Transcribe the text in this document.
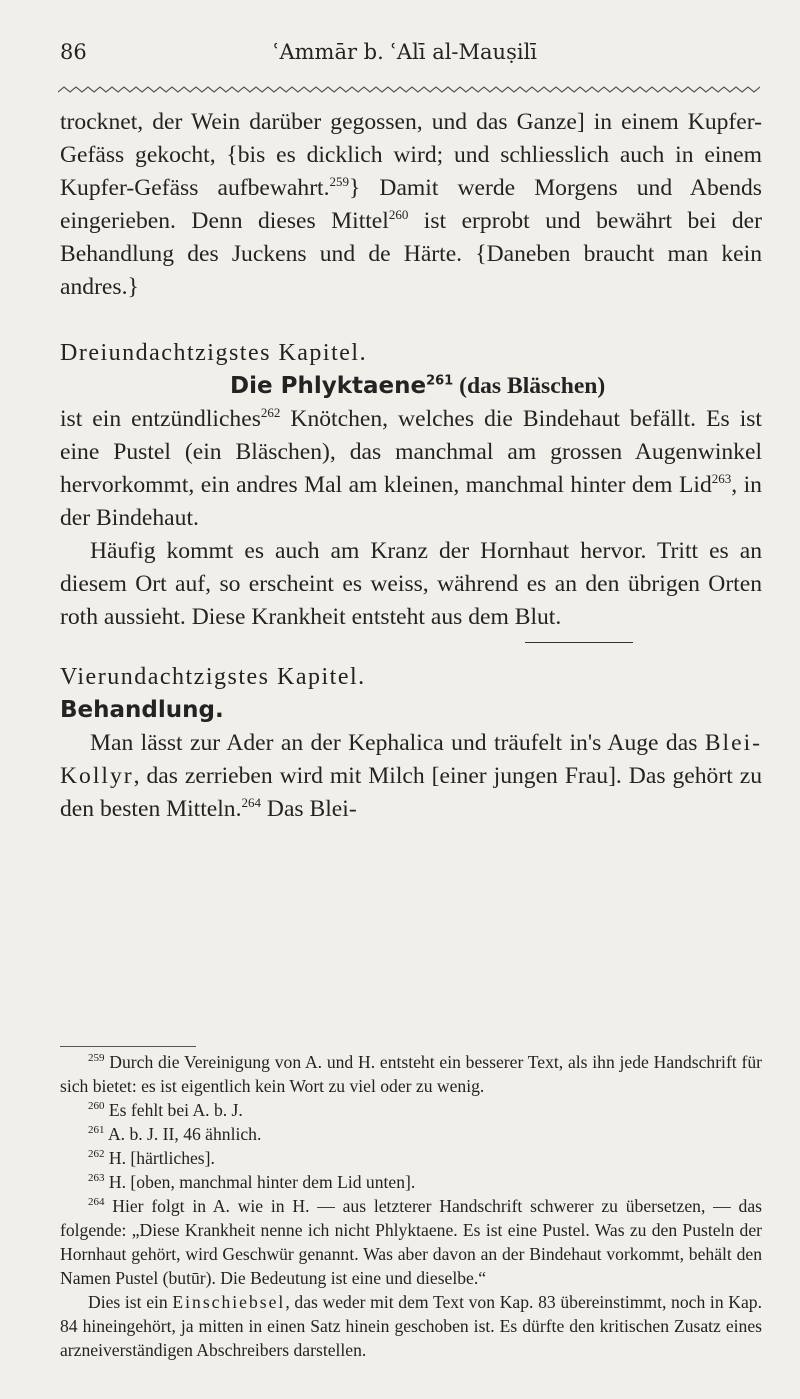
86	ʿAmmār b. ʿAlī al-Mauṣilī

trocknet, der Wein darüber gegossen, und das Ganze] in einem Kupfer-Gefäss gekocht, {bis es dicklich wird; und schliesslich auch in einem Kupfer-Gefäss aufbewahrt.$^{259}$} Damit werde Morgens und Abends eingerieben. Denn dieses Mittel$^{260}$ ist erprobt und bewährt bei der Behandlung des Juckens und de Härte. {Daneben braucht man kein andres.}

Dreiundachtzigstes Kapitel.

Die Phlyktaene$^{261}$ (das Bläschen)

ist ein entzündliches$^{262}$ Knötchen, welches die Bindehaut befällt. Es ist eine Pustel (ein Bläschen), das manchmal am grossen Augenwinkel hervorkommt, ein andres Mal am kleinen, manchmal hinter dem Lid$^{263}$, in der Bindehaut.

Häufig kommt es auch am Kranz der Hornhaut hervor. Tritt es an diesem Ort auf, so erscheint es weiss, während es an den übrigen Orten roth aussieht. Diese Krankheit entsteht aus dem Blut.

Vierundachtzigstes Kapitel.

Behandlung.

Man lässt zur Ader an der Kephalica und träufelt in's Auge das Blei-Kollyr, das zerrieben wird mit Milch [einer jungen Frau]. Das gehört zu den besten Mitteln.$^{264}$ Das Blei-

$^{259}$ Durch die Vereinigung von A. und H. entsteht ein besserer Text, als ihn jede Handschrift für sich bietet: es ist eigentlich kein Wort zu viel oder zu wenig.

$^{260}$ Es fehlt bei A. b. J.

$^{261}$ A. b. J. II, 46 ähnlich.

$^{262}$ H. [härtliches].

$^{263}$ H. [oben, manchmal hinter dem Lid unten].

$^{264}$ Hier folgt in A. wie in H. — aus letzterer Handschrift schwerer zu übersetzen, — das folgende: „Diese Krankheit nenne ich nicht Phlyktaene. Es ist eine Pustel. Was zu den Pusteln der Hornhaut gehört, wird Geschwür genannt. Was aber davon an der Bindehaut vorkommt, behält den Namen Pustel (butūr). Die Bedeutung ist eine und dieselbe.“

Dies ist ein Einschiebsel, das weder mit dem Text von Kap. 83 übereinstimmt, noch in Kap. 84 hineingehört, ja mitten in einen Satz hinein geschoben ist. Es dürfte den kritischen Zusatz eines arzneiverständigen Abschreibers darstellen.
